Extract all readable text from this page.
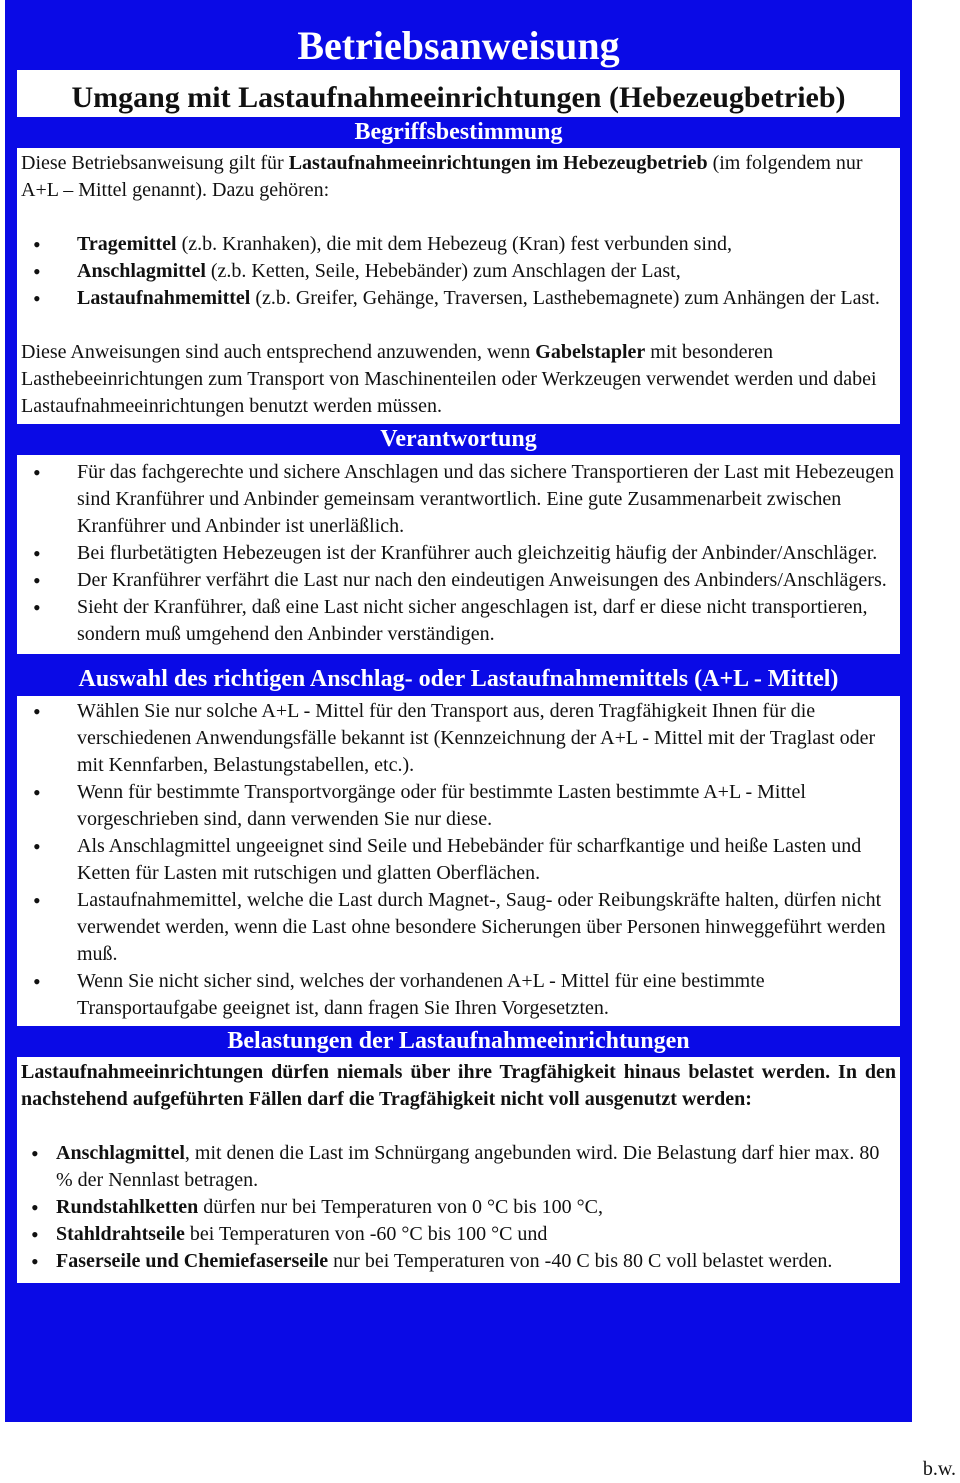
Betriebsanweisung
Umgang mit Lastaufnahmeeinrichtungen (Hebezeugbetrieb)
Begriffsbestimmung

Diese Betriebsanweisung gilt für Lastaufnahmeeinrichtungen im Hebezeugbetrieb (im folgendem nur A+L – Mittel genannt). Dazu gehören:

• Tragemittel (z.b. Kranhaken), die mit dem Hebezeug (Kran) fest verbunden sind,
• Anschlagmittel (z.b. Ketten, Seile, Hebebänder) zum Anschlagen der Last,
• Lastaufnahmemittel (z.b. Greifer, Gehänge, Traversen, Lasthebemagnete) zum Anhängen der Last.

Diese Anweisungen sind auch entsprechend anzuwenden, wenn Gabelstapler mit besonderen Lasthebeeinrichtungen zum Transport von Maschinenteilen oder Werkzeugen verwendet werden und dabei Lastaufnahmeeinrichtungen benutzt werden müssen.

Verantwortung
• Für das fachgerechte und sichere Anschlagen und das sichere Transportieren der Last mit Hebezeugen sind Kranführer und Anbinder gemeinsam verantwortlich. Eine gute Zusammenarbeit zwischen Kranführer und Anbinder ist unerläßlich.
• Bei flurbetätigten Hebezeugen ist der Kranführer auch gleichzeitig häufig der Anbinder/Anschläger.
• Der Kranführer verfährt die Last nur nach den eindeutigen Anweisungen des Anbinders/Anschlägers.
• Sieht der Kranführer, daß eine Last nicht sicher angeschlagen ist, darf er diese nicht transportieren, sondern muß umgehend den Anbinder verständigen.
Auswahl des richtigen Anschlag- oder Lastaufnahmemittels (A+L - Mittel)
• Wählen Sie nur solche A+L - Mittel für den Transport aus, deren Tragfähigkeit Ihnen für die verschiedenen Anwendungsfälle bekannt ist (Kennzeichnung der A+L - Mittel mit der Traglast oder mit Kennfarben, Belastungstabellen, etc.).
• Wenn für bestimmte Transportvorgänge oder für bestimmte Lasten bestimmte A+L - Mittel vorgeschrieben sind, dann verwenden Sie nur diese.
• Als Anschlagmittel ungeeignet sind Seile und Hebebänder für scharfkantige und heiße Lasten und Ketten für Lasten mit rutschigen und glatten Oberflächen.
• Lastaufnahmemittel, welche die Last durch Magnet-, Saug- oder Reibungskräfte halten, dürfen nicht verwendet werden, wenn die Last ohne besondere Sicherungen über Personen hinweggeführt werden muß.
• Wenn Sie nicht sicher sind, welches der vorhandenen A+L - Mittel für eine bestimmte Transportaufgabe geeignet ist, dann fragen Sie Ihren Vorgesetzten.
Belastungen der Lastaufnahmeeinrichtungen

Lastaufnahmeeinrichtungen dürfen niemals über ihre Tragfähigkeit hinaus belastet werden. In den nachstehend aufgeführten Fällen darf die Tragfähigkeit nicht voll ausgenutzt werden:

• Anschlagmittel, mit denen die Last im Schnürgang angebunden wird. Die Belastung darf hier max. 80 % der Nennlast betragen.
• Rundstahlketten dürfen nur bei Temperaturen von 0 °C bis 100 °C,
• Stahldrahtseile bei Temperaturen von -60 °C bis 100 °C und
• Faserseile und Chemiefaserseile nur bei Temperaturen von -40 C bis 80 C voll belastet werden.
b.w.
